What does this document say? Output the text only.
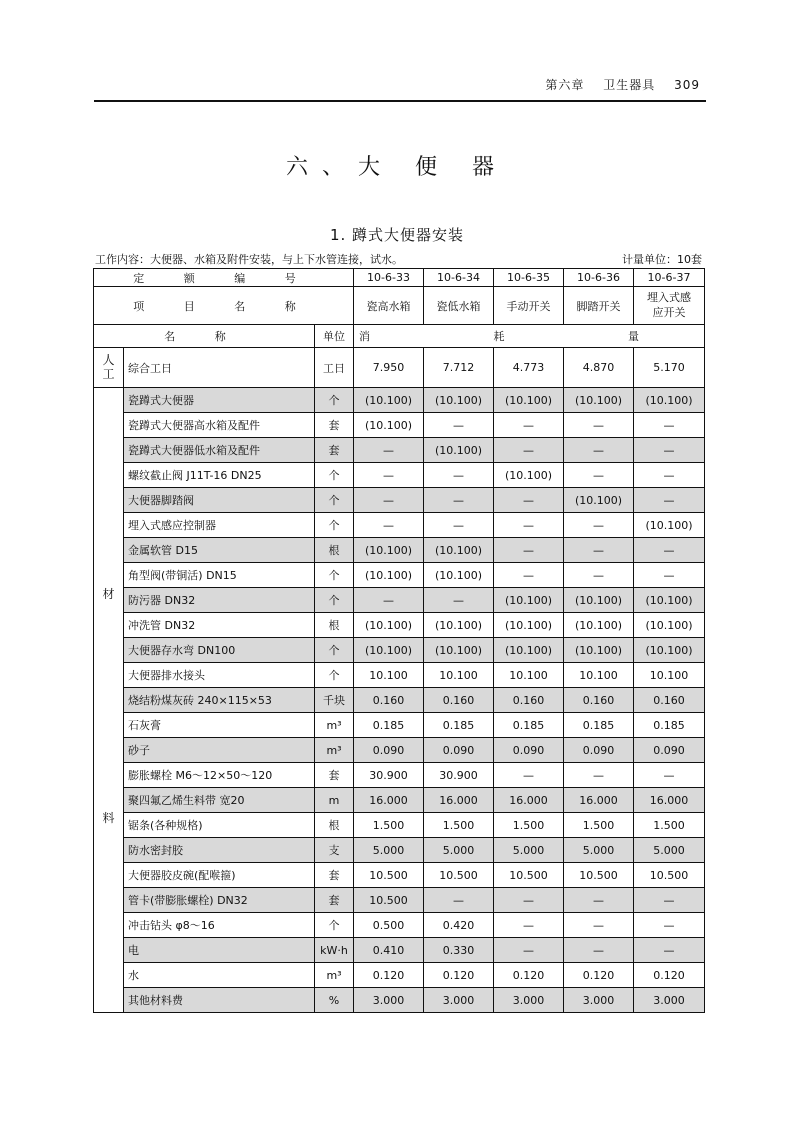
第六章 卫生器具 309
六、大 便 器
1. 蹲式大便器安装
工作内容：大便器、水箱及附件安装，与上下水管连接，试水。	计量单位：10套
定 额 编 号			10-6-33	10-6-34	10-6-35	10-6-36	10-6-37
项 目 名 称			瓷高水箱	瓷低水箱	手动开关	脚踏开关	埋入式感应开关
名 称		单位	消 耗 量				
人工	综合工日	工日	7.950	7.712	4.773	4.870	5.170

材
料	瓷蹲式大便器	个	(10.100)	(10.100)	(10.100)	(10.100)	(10.100)
	瓷蹲式大便器高水箱及配件	套	(10.100)	—	—	—	—
	瓷蹲式大便器低水箱及配件	套	—	(10.100)	—	—	—
	螺纹截止阀 J11T-16 DN25	个	—	—	(10.100)	—	—
	大便器脚踏阀	个	—	—	—	(10.100)	—
	埋入式感应控制器	个	—	—	—	—	(10.100)
	金属软管 D15	根	(10.100)	(10.100)	—	—	—
	角型阀(带铜活) DN15	个	(10.100)	(10.100)	—	—	—
	防污器 DN32	个	—	—	(10.100)	(10.100)	(10.100)
	冲洗管 DN32	根	(10.100)	(10.100)	(10.100)	(10.100)	(10.100)
	大便器存水弯 DN100	个	(10.100)	(10.100)	(10.100)	(10.100)	(10.100)
	大便器排水接头	个	10.100	10.100	10.100	10.100	10.100
	烧结粉煤灰砖 240×115×53	千块	0.160	0.160	0.160	0.160	0.160
	石灰膏	m³	0.185	0.185	0.185	0.185	0.185
	砂子	m³	0.090	0.090	0.090	0.090	0.090
	膨胀螺栓 M6～12×50～120	套	30.900	30.900	—	—	—
	聚四氟乙烯生料带 宽20	m	16.000	16.000	16.000	16.000	16.000
	锯条(各种规格)	根	1.500	1.500	1.500	1.500	1.500
	防水密封胶	支	5.000	5.000	5.000	5.000	5.000
	大便器胶皮碗(配喉箍)	套	10.500	10.500	10.500	10.500	10.500
	管卡(带膨胀螺栓) DN32	套	10.500	—	—	—	—
	冲击钻头 φ8～16	个	0.500	0.420	—	—	—
	电	kW·h	0.410	0.330	—	—	—
	水	m³	0.120	0.120	0.120	0.120	0.120
	其他材料费	%	3.000	3.000	3.000	3.000	3.000
